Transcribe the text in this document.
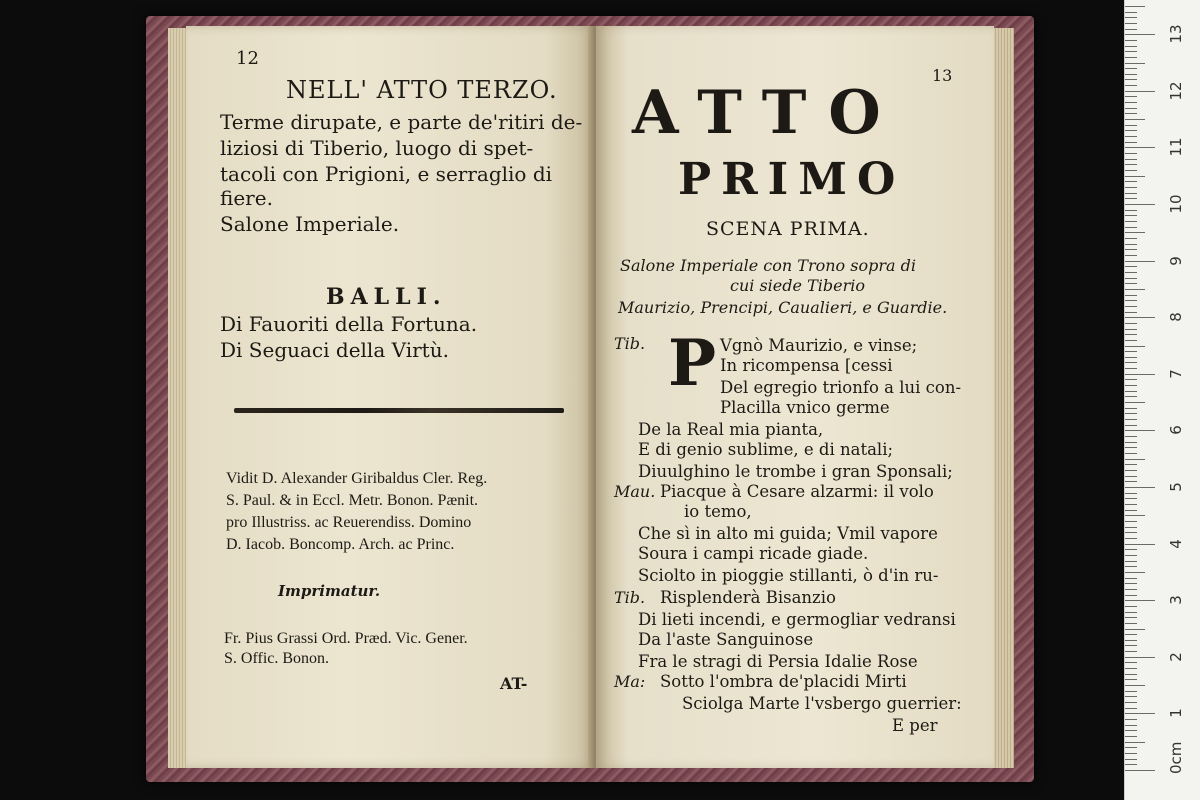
12
NELL' ATTO TERZO.
Terme dirupate, e parte de'ritiri de-
liziosi di Tiberio, luogo di spet-
tacoli con Prigioni, e serraglio di
fiere.
Salone Imperiale.
BALLI.
Di Fauoriti della Fortuna.
Di Seguaci della Virtù.
Vidit D. Alexander Giribaldus Cler. Reg.
S. Paul. & in Eccl. Metr. Bonon. Pænit.
pro Illustriss. ac Reuerendiss. Domino
D. Iacob. Boncomp. Arch. ac Princ.
Imprimatur.
Fr. Pius Grassi Ord. Præd. Vic. Gener.
S. Offic. Bonon.
AT-
13
ATTO
PRIMO
SCENA PRIMA.
Salone Imperiale con Trono sopra di
cui siede Tiberio
Maurizio, Prencipi, Caualieri, e Guardie.
P
Tib.	Vgnò Maurizio, e vinse;
In ricompensa [cessi
Del egregio trionfo a lui con-
Placilla vnico germe
De la Real mia pianta,
E di genio sublime, e di natali;
Diuulghino le trombe i gran Sponsali;
Mau. Piacque à Cesare alzarmi: il volo
io temo,
Che sì in alto mi guida; Vmil vapore
Soura i campi ricade giade.
Sciolto in pioggie stillanti, ò d'in ru-
Tib. Risplenderà Bisanzio
Di lieti incendi, e germogliar vedransi
Da l'aste Sanguinose
Fra le stragi di Persia Idalie Rose
Ma: Sotto l'ombra de'placidi Mirti
Sciolga Marte l'vsbergo guerrier:
E per
0cm
1
2
3
4
5
6
7
8
9
10
11
12
13
